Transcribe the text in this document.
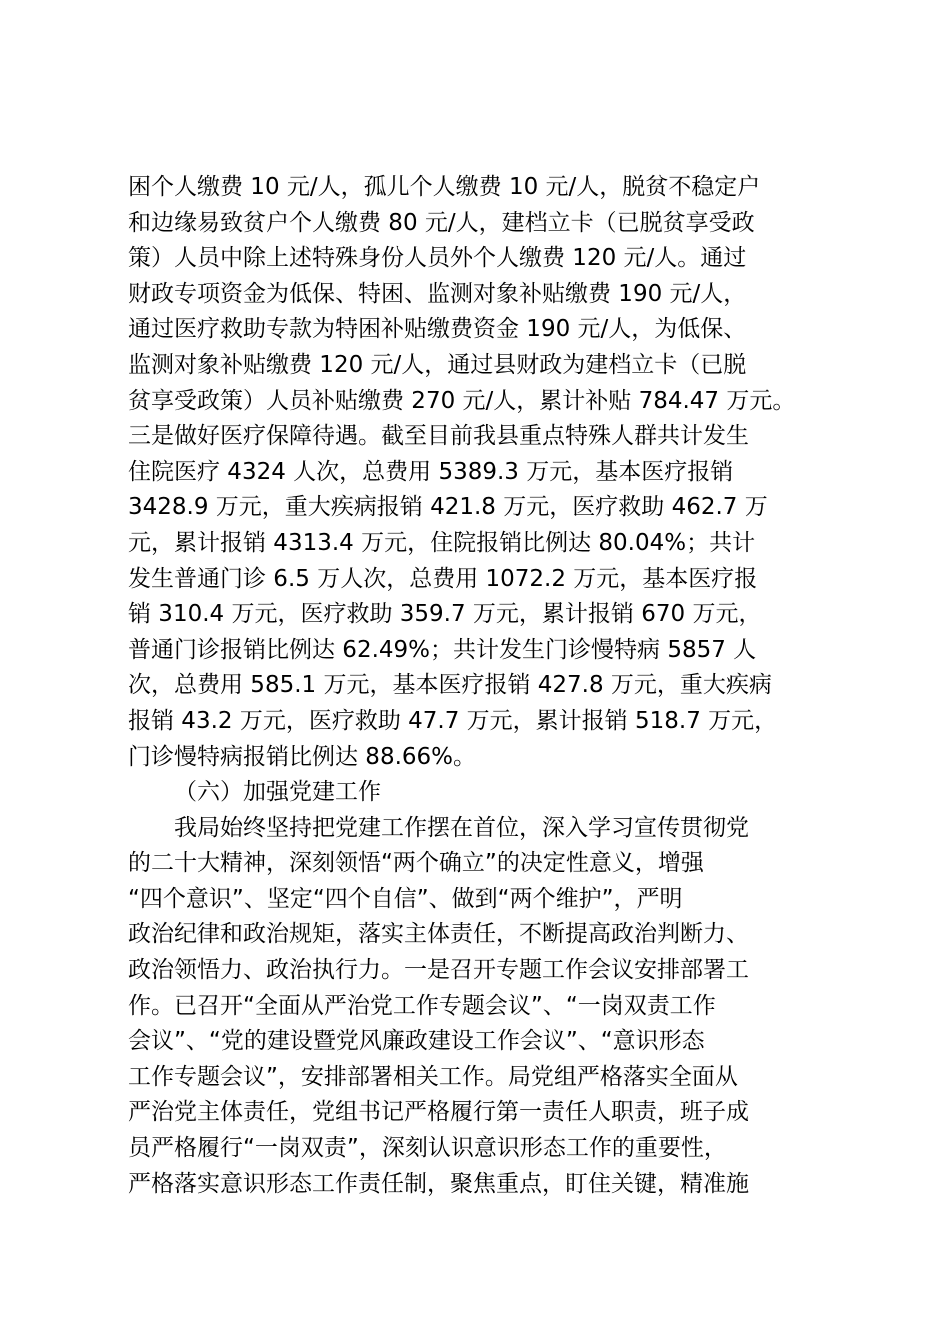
困个人缴费 10 元/人，孤儿个人缴费 10 元/人，脱贫不稳定户
和边缘易致贫户个人缴费 80 元/人，建档立卡（已脱贫享受政
策）人员中除上述特殊身份人员外个人缴费 120 元/人。通过
财政专项资金为低保、特困、监测对象补贴缴费 190 元/人，
通过医疗救助专款为特困补贴缴费资金 190 元/人，为低保、
监测对象补贴缴费 120 元/人，通过县财政为建档立卡（已脱
贫享受政策）人员补贴缴费 270 元/人，累计补贴 784.47 万元。
三是做好医疗保障待遇。截至目前我县重点特殊人群共计发生
住院医疗 4324 人次，总费用 5389.3 万元，基本医疗报销
3428.9 万元，重大疾病报销 421.8 万元，医疗救助 462.7 万
元，累计报销 4313.4 万元，住院报销比例达 80.04%；共计
发生普通门诊 6.5 万人次，总费用 1072.2 万元，基本医疗报
销 310.4 万元，医疗救助 359.7 万元，累计报销 670 万元，
普通门诊报销比例达 62.49%；共计发生门诊慢特病 5857 人
次，总费用 585.1 万元，基本医疗报销 427.8 万元，重大疾病
报销 43.2 万元，医疗救助 47.7 万元，累计报销 518.7 万元，
门诊慢特病报销比例达 88.66%。
（六）加强党建工作
我局始终坚持把党建工作摆在首位，深入学习宣传贯彻党
的二十大精神，深刻领悟“两个确立”的决定性意义，增强
“四个意识”、坚定“四个自信”、做到“两个维护”，严明
政治纪律和政治规矩，落实主体责任，不断提高政治判断力、
政治领悟力、政治执行力。一是召开专题工作会议安排部署工
作。已召开“全面从严治党工作专题会议”、“一岗双责工作
会议”、“党的建设暨党风廉政建设工作会议”、“意识形态
工作专题会议”，安排部署相关工作。局党组严格落实全面从
严治党主体责任，党组书记严格履行第一责任人职责，班子成
员严格履行“一岗双责”，深刻认识意识形态工作的重要性，
严格落实意识形态工作责任制，聚焦重点，盯住关键，精准施
